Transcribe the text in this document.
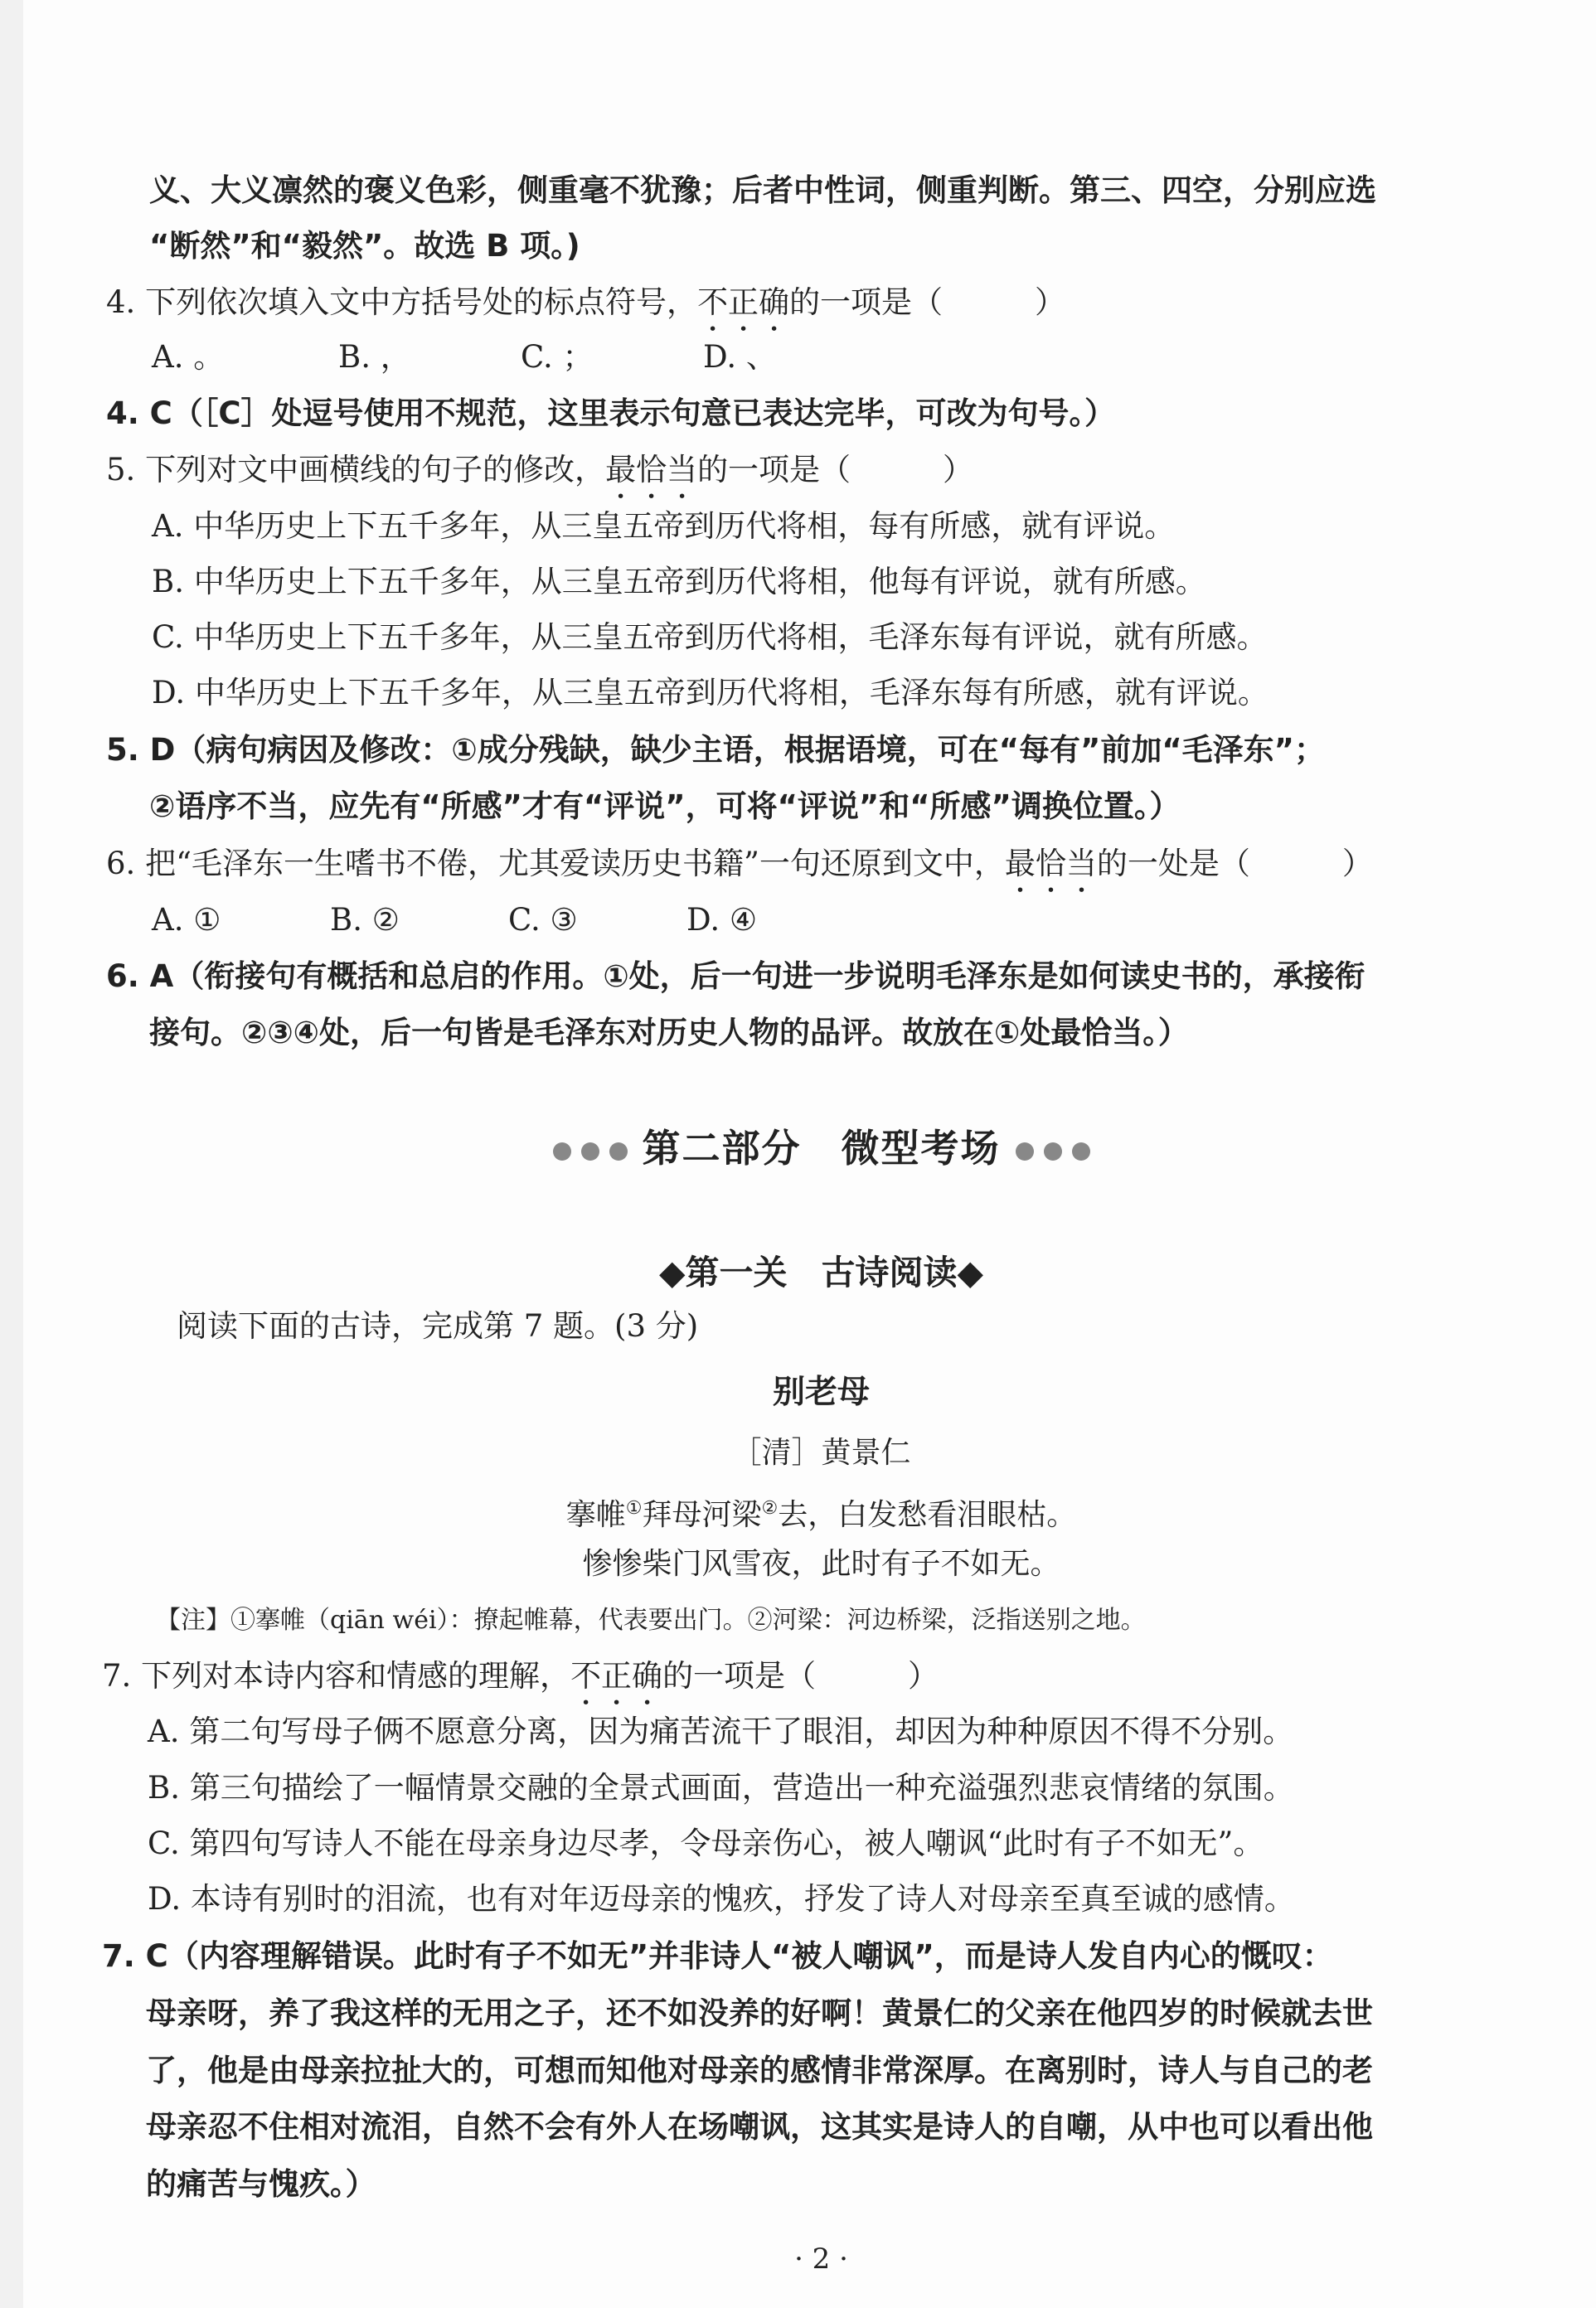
义、大义凛然的褒义色彩，侧重毫不犹豫；后者中性词，侧重判断。第三、四空，分别应选
“断然”和“毅然”。故选 B 项。)
4. 下列依次填入文中方括号处的标点符号，不正确的一项是（　　　）
A. 。	B. ，	C. ；	D. 、
4. C（［C］处逗号使用不规范，这里表示句意已表达完毕，可改为句号。）
5. 下列对文中画横线的句子的修改，最恰当的一项是（　　　）
A. 中华历史上下五千多年，从三皇五帝到历代将相，每有所感，就有评说。
B. 中华历史上下五千多年，从三皇五帝到历代将相，他每有评说，就有所感。
C. 中华历史上下五千多年，从三皇五帝到历代将相，毛泽东每有评说，就有所感。
D. 中华历史上下五千多年，从三皇五帝到历代将相，毛泽东每有所感，就有评说。
5. D（病句病因及修改：①成分残缺，缺少主语，根据语境，可在“每有”前加“毛泽东”；
②语序不当，应先有“所感”才有“评说”，可将“评说”和“所感”调换位置。）
6. 把“毛泽东一生嗜书不倦，尤其爱读历史书籍”一句还原到文中，最恰当的一处是（　　　）
A. ①	B. ②	C. ③	D. ④
6. A（衔接句有概括和总启的作用。①处，后一句进一步说明毛泽东是如何读史书的，承接衔
接句。②③④处，后一句皆是毛泽东对历史人物的品评。故放在①处最恰当。）
第二部分　微型考场
◆第一关　古诗阅读◆
阅读下面的古诗，完成第 7 题。(3 分)
别老母
［清］黄景仁
搴帷①拜母河梁②去，白发愁看泪眼枯。
惨惨柴门风雪夜，此时有子不如无。
【注】①搴帷（qiān wéi）：撩起帷幕，代表要出门。②河梁：河边桥梁，泛指送别之地。
7. 下列对本诗内容和情感的理解，不正确的一项是（　　　）
A. 第二句写母子俩不愿意分离，因为痛苦流干了眼泪，却因为种种原因不得不分别。
B. 第三句描绘了一幅情景交融的全景式画面，营造出一种充溢强烈悲哀情绪的氛围。
C. 第四句写诗人不能在母亲身边尽孝，令母亲伤心，被人嘲讽“此时有子不如无”。
D. 本诗有别时的泪流，也有对年迈母亲的愧疚，抒发了诗人对母亲至真至诚的感情。
7. C（内容理解错误。此时有子不如无”并非诗人“被人嘲讽”，而是诗人发自内心的慨叹：
母亲呀，养了我这样的无用之子，还不如没养的好啊！黄景仁的父亲在他四岁的时候就去世
了，他是由母亲拉扯大的，可想而知他对母亲的感情非常深厚。在离别时，诗人与自己的老
母亲忍不住相对流泪，自然不会有外人在场嘲讽，这其实是诗人的自嘲，从中也可以看出他
的痛苦与愧疚。）
· 2 ·
